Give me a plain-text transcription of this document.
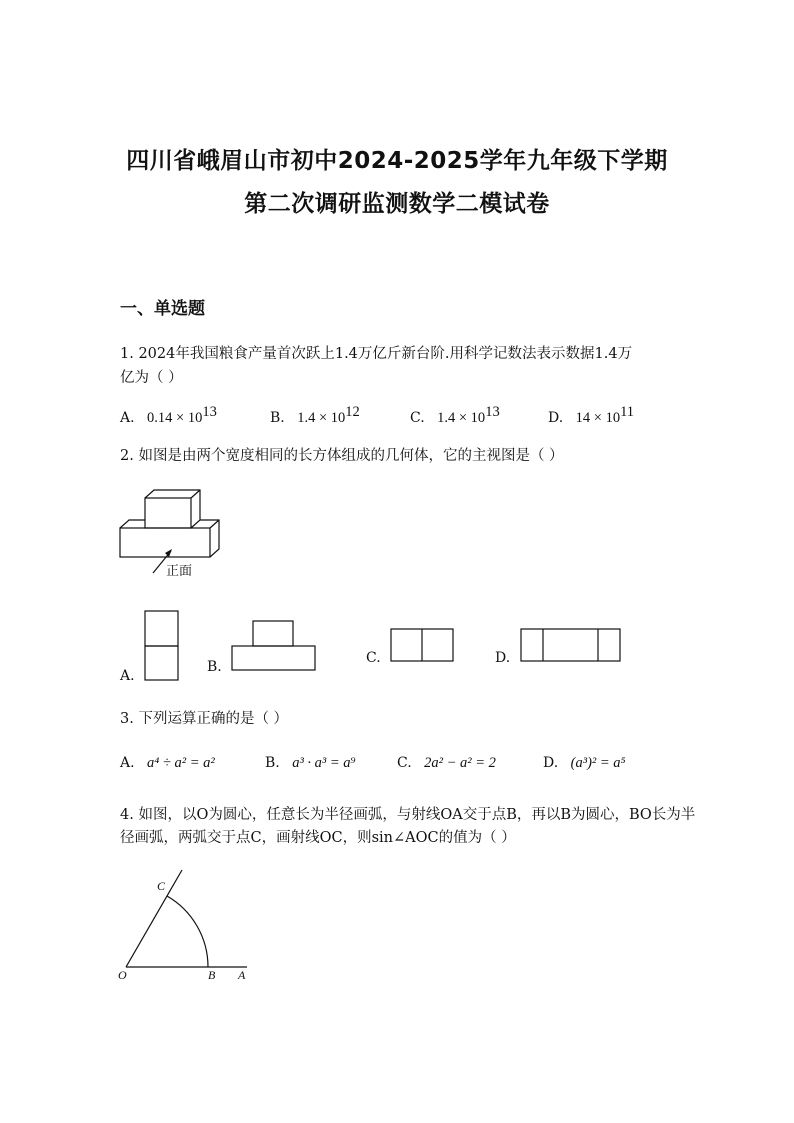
四川省峨眉山市初中2024-2025学年九年级下学期
第二次调研监测数学二模试卷
一、单选题
1. 2024年我国粮食产量首次跃上1.4万亿斤新台阶.用科学记数法表示数据1.4万
亿为（ ）
A. $0.14 \times 10^{13}$	B. $1.4 \times 10^{12}$	C. $1.4 \times 10^{13}$	D. $14 \times 10^{11}$
2. 如图是由两个宽度相同的长方体组成的几何体，它的主视图是（ ）
正面
A.
B.
C.	D.
3. 下列运算正确的是（ ）
A. a⁴ ÷ a² = a²	B. a³ · a³ = a⁹	C. 2a² − a² = 2	D. (a³)² = a⁵
4. 如图，以O为圆心，任意长为半径画弧，与射线OA交于点B，再以B为圆心，BO长为半
径画弧，两弧交于点C，画射线OC，则sin∠AOC的值为（ ）
O	B A
C
